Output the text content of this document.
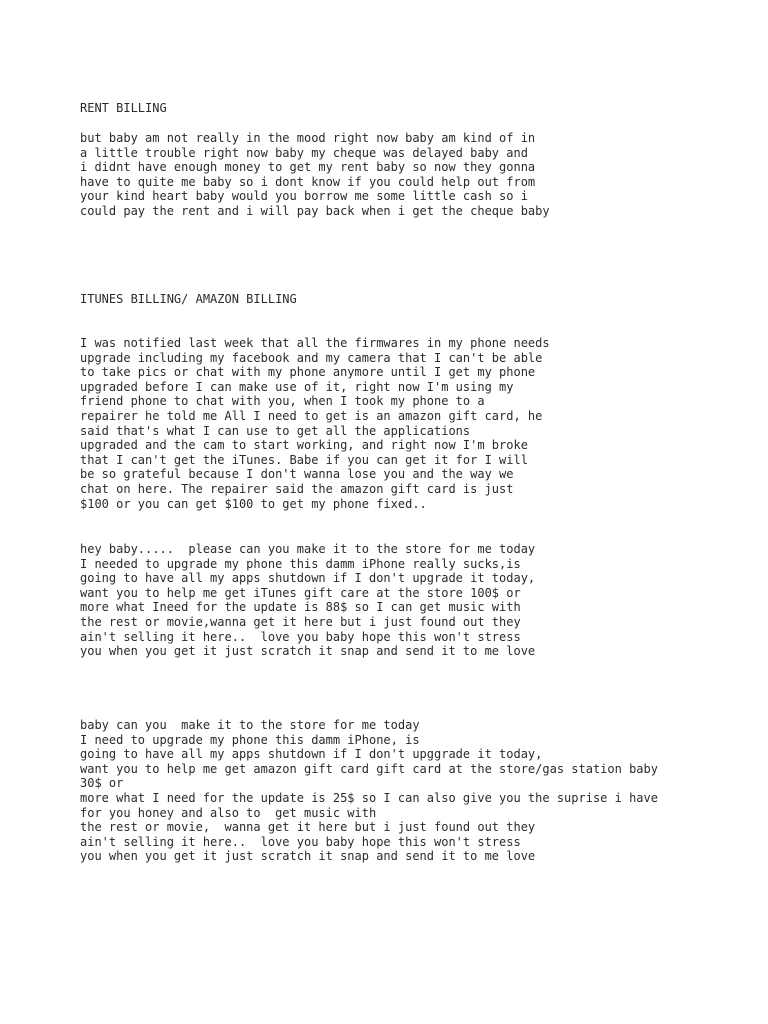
RENT BILLING
but baby am not really in the mood right now baby am kind of in
a little trouble right now baby my cheque was delayed baby and
i didnt have enough money to get my rent baby so now they gonna
have to quite me baby so i dont know if you could help out from
your kind heart baby would you borrow me some little cash so i
could pay the rent and i will pay back when i get the cheque baby
ITUNES BILLING/ AMAZON BILLING
I was notified last week that all the firmwares in my phone needs
upgrade including my facebook and my camera that I can't be able
to take pics or chat with my phone anymore until I get my phone
upgraded before I can make use of it, right now I'm using my
friend phone to chat with you, when I took my phone to a
repairer he told me All I need to get is an amazon gift card, he
said that's what I can use to get all the applications
upgraded and the cam to start working, and right now I'm broke
that I can't get the iTunes. Babe if you can get it for I will
be so grateful because I don't wanna lose you and the way we
chat on here. The repairer said the amazon gift card is just
$100 or you can get $100 to get my phone fixed..
hey baby.....  please can you make it to the store for me today
I needed to upgrade my phone this damm iPhone really sucks,is
going to have all my apps shutdown if I don't upgrade it today,
want you to help me get iTunes gift care at the store 100$ or
more what Ineed for the update is 88$ so I can get music with
the rest or movie,wanna get it here but i just found out they
ain't selling it here..  love you baby hope this won't stress
you when you get it just scratch it snap and send it to me love
baby can you  make it to the store for me today
I need to upgrade my phone this damm iPhone, is
going to have all my apps shutdown if I don't upggrade it today,
want you to help me get amazon gift card gift card at the store/gas station baby
30$ or
more what I need for the update is 25$ so I can also give you the suprise i have
for you honey and also to  get music with
the rest or movie,  wanna get it here but i just found out they
ain't selling it here..  love you baby hope this won't stress
you when you get it just scratch it snap and send it to me love
